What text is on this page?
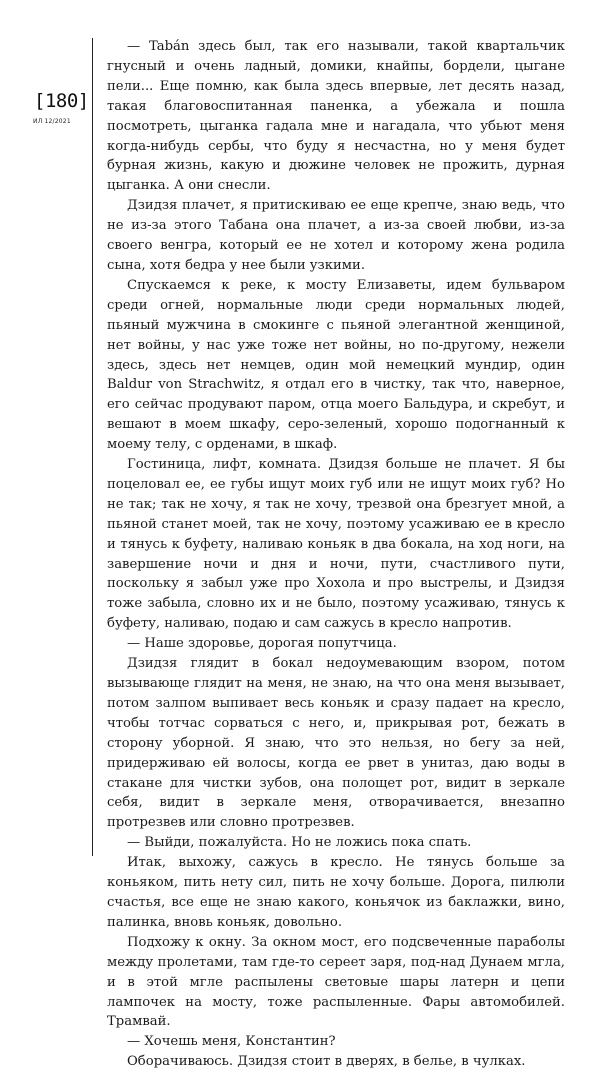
[180]
ИЛ 12/2021

— Tabán здесь был, так его называли, такой квартальчик гнусный и очень ладный, домики, кнайпы, бордели, цыгане пели... Еще помню, как была здесь впервые, лет десять назад, такая благовоспитанная паненка, а убежала и пошла посмотреть, цыганка гадала мне и нагадала, что убьют меня когда-нибудь сербы, что буду я несчастна, но у меня будет бурная жизнь, какую и дюжине человек не прожить, дурная цыганка. А они снесли.

Дзидзя плачет, я притискиваю ее еще крепче, знаю ведь, что не из-за этого Табана она плачет, а из-за своей любви, из-за своего венгра, который ее не хотел и которому жена родила сына, хотя бедра у нее были узкими.

Спускаемся к реке, к мосту Елизаветы, идем бульваром среди огней, нормальные люди среди нормальных людей, пьяный мужчина в смокинге с пьяной элегантной женщиной, нет войны, у нас уже тоже нет войны, но по-другому, нежели здесь, здесь нет немцев, один мой немецкий мундир, один Baldur von Strachwitz, я отдал его в чистку, так что, наверное, его сейчас продувают паром, отца моего Бальдура, и скребут, и вешают в моем шкафу, серо-зеленый, хорошо подогнанный к моему телу, с орденами, в шкаф.

Гостиница, лифт, комната. Дзидзя больше не плачет. Я бы поцеловал ее, ее губы ищут моих губ или не ищут моих губ? Но не так; так не хочу, я так не хочу, трезвой она брезгует мной, а пьяной станет моей, так не хочу, поэтому усаживаю ее в кресло и тянусь к буфету, наливаю коньяк в два бокала, на ход ноги, на завершение ночи и дня и ночи, пути, счастливого пути, поскольку я забыл уже про Хохола и про выстрелы, и Дзидзя тоже забыла, словно их и не было, поэтому усаживаю, тянусь к буфету, наливаю, подаю и сам сажусь в кресло напротив.

— Наше здоровье, дорогая попутчица.

Дзидзя глядит в бокал недоумевающим взором, потом вызывающе глядит на меня, не знаю, на что она меня вызывает, потом залпом выпивает весь коньяк и сразу падает на кресло, чтобы тотчас сорваться с него, и, прикрывая рот, бежать в сторону уборной. Я знаю, что это нельзя, но бегу за ней, придерживаю ей волосы, когда ее рвет в унитаз, даю воды в стакане для чистки зубов, она полощет рот, видит в зеркале себя, видит в зеркале меня, отворачивается, внезапно протрезвев или словно протрезвев.

— Выйди, пожалуйста. Но не ложись пока спать.

Итак, выхожу, сажусь в кресло. Не тянусь больше за коньяком, пить нету сил, пить не хочу больше. Дорога, пилюли счастья, все еще не знаю какого, коньячок из баклажки, вино, палинка, вновь коньяк, довольно.

Подхожу к окну. За окном мост, его подсвеченные параболы между пролетами, там где-то сереет заря, под-над Дунаем мгла, и в этой мгле распылены световые шары латерн и цепи лампочек на мосту, тоже распыленные. Фары автомобилей. Трамвай.

— Хочешь меня, Константин?

Оборачиваюсь. Дзидзя стоит в дверях, в белье, в чулках.
